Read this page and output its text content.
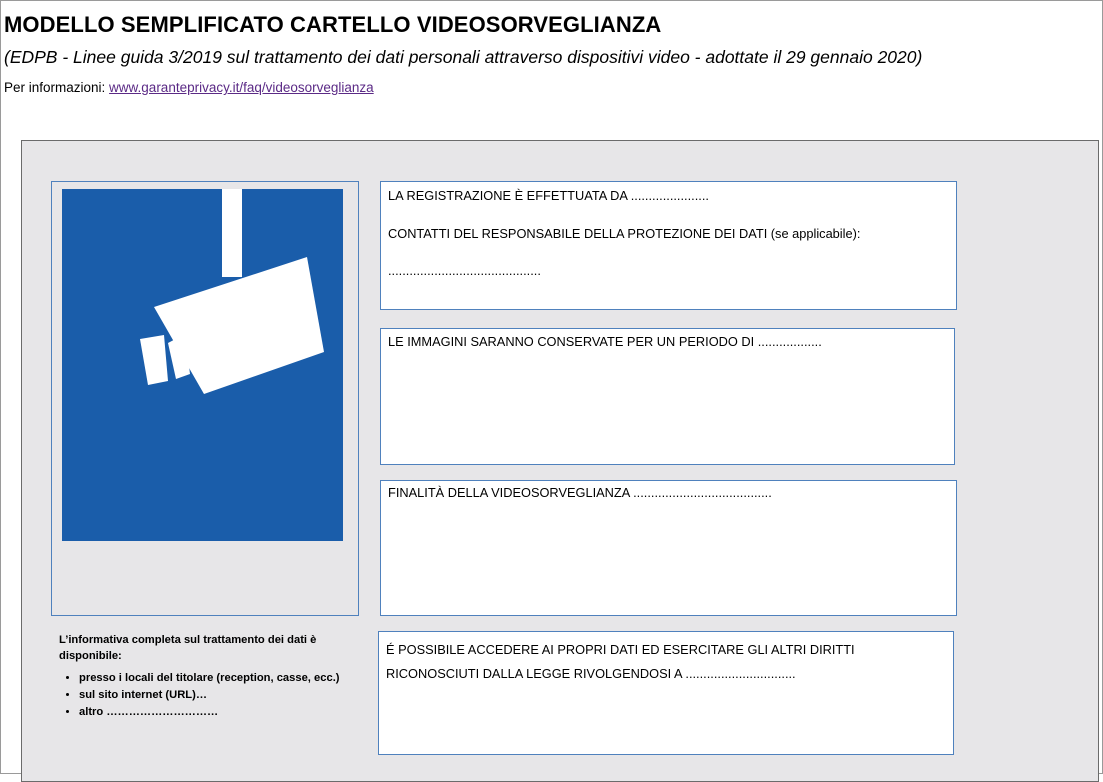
MODELLO SEMPLIFICATO CARTELLO VIDEOSORVEGLIANZA
(EDPB - Linee guida 3/2019 sul trattamento dei dati personali attraverso dispositivi video - adottate il 29 gennaio 2020)
Per informazioni: www.garanteprivacy.it/faq/videosorveglianza
LA REGISTRAZIONE È EFFETTUATA DA ......................
CONTATTI DEL RESPONSABILE DELLA PROTEZIONE DEI DATI (se applicabile):
...........................................
LE IMMAGINI SARANNO CONSERVATE PER UN PERIODO DI ..................
FINALITÀ DELLA VIDEOSORVEGLIANZA .......................................
É POSSIBILE ACCEDERE AI PROPRI DATI ED ESERCITARE GLI ALTRI DIRITTI
RICONOSCIUTI DALLA LEGGE RIVOLGENDOSI A ...............................
L’informativa completa sul trattamento dei dati è disponibile:
• presso i locali del titolare (reception, casse, ecc.)
• sul sito internet (URL)…
• altro …………………………
